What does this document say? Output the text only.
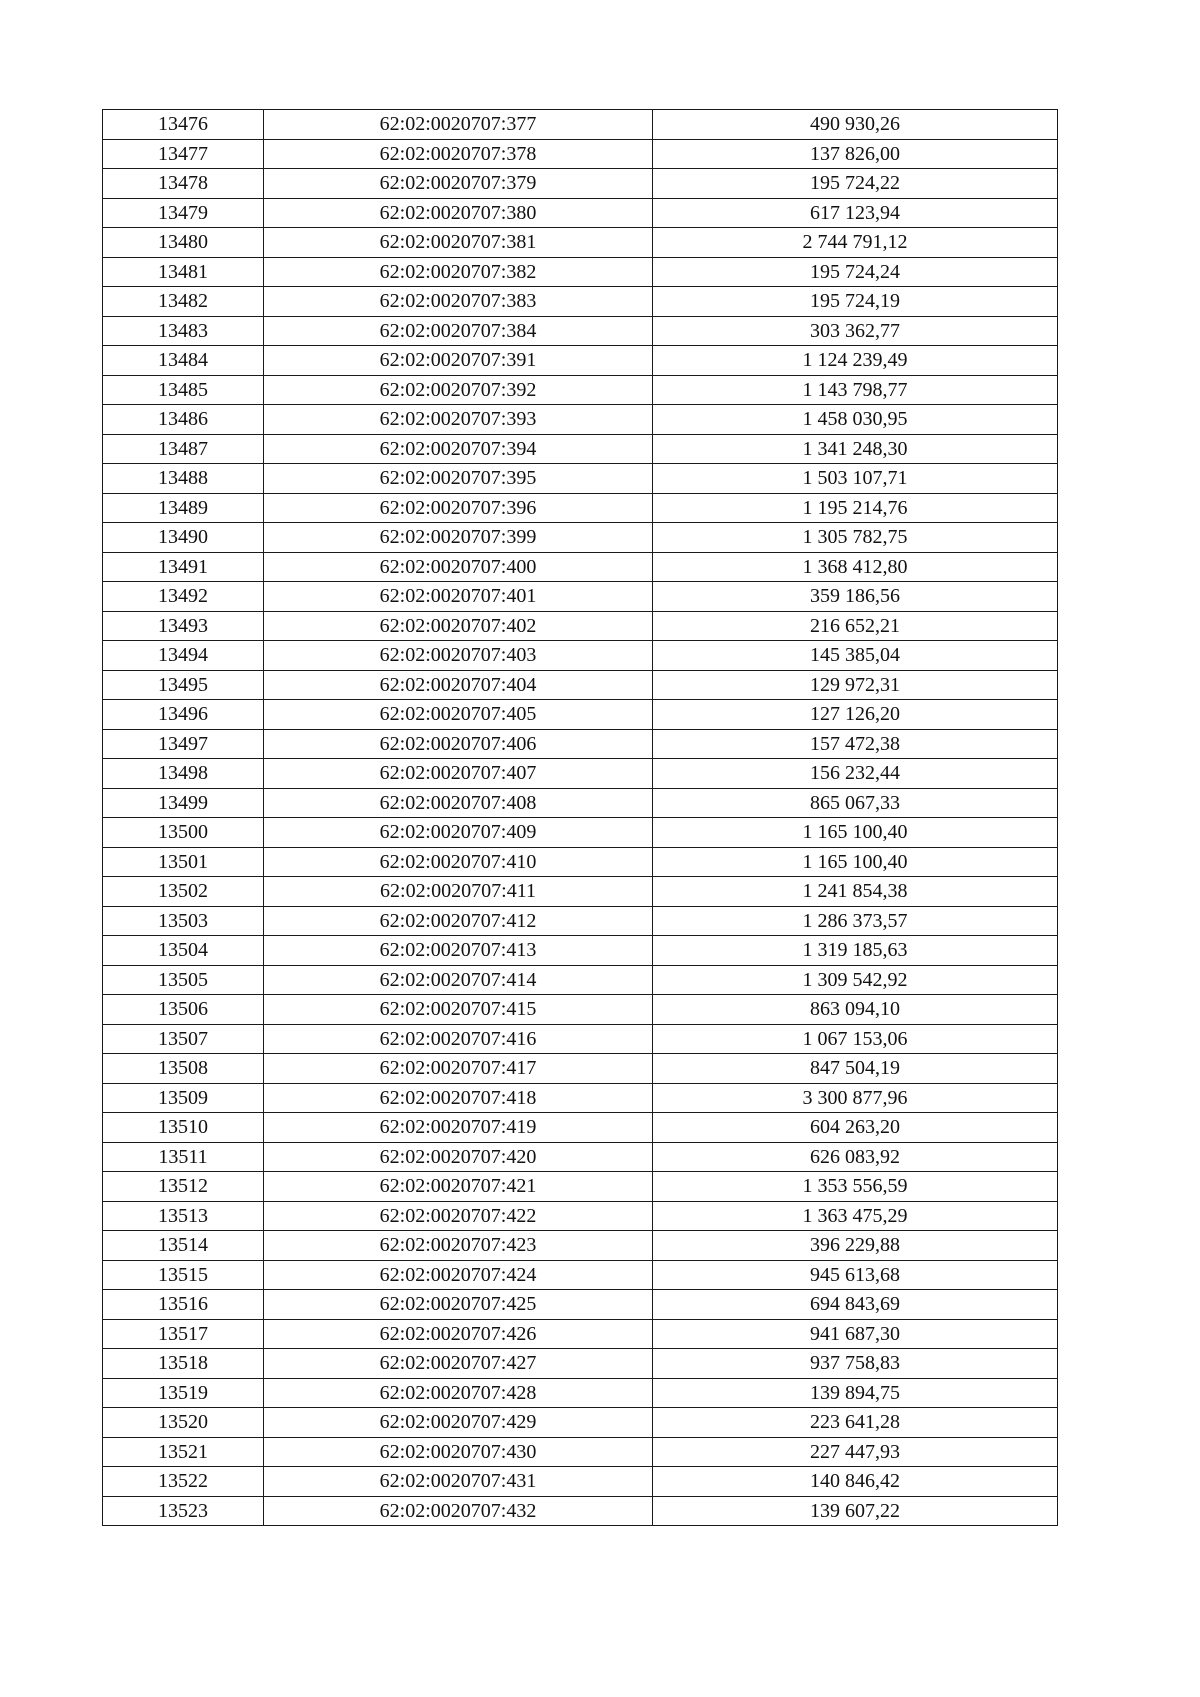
13476	62:02:0020707:377	490 930,26
13477	62:02:0020707:378	137 826,00
13478	62:02:0020707:379	195 724,22
13479	62:02:0020707:380	617 123,94
13480	62:02:0020707:381	2 744 791,12
13481	62:02:0020707:382	195 724,24
13482	62:02:0020707:383	195 724,19
13483	62:02:0020707:384	303 362,77
13484	62:02:0020707:391	1 124 239,49
13485	62:02:0020707:392	1 143 798,77
13486	62:02:0020707:393	1 458 030,95
13487	62:02:0020707:394	1 341 248,30
13488	62:02:0020707:395	1 503 107,71
13489	62:02:0020707:396	1 195 214,76
13490	62:02:0020707:399	1 305 782,75
13491	62:02:0020707:400	1 368 412,80
13492	62:02:0020707:401	359 186,56
13493	62:02:0020707:402	216 652,21
13494	62:02:0020707:403	145 385,04
13495	62:02:0020707:404	129 972,31
13496	62:02:0020707:405	127 126,20
13497	62:02:0020707:406	157 472,38
13498	62:02:0020707:407	156 232,44
13499	62:02:0020707:408	865 067,33
13500	62:02:0020707:409	1 165 100,40
13501	62:02:0020707:410	1 165 100,40
13502	62:02:0020707:411	1 241 854,38
13503	62:02:0020707:412	1 286 373,57
13504	62:02:0020707:413	1 319 185,63
13505	62:02:0020707:414	1 309 542,92
13506	62:02:0020707:415	863 094,10
13507	62:02:0020707:416	1 067 153,06
13508	62:02:0020707:417	847 504,19
13509	62:02:0020707:418	3 300 877,96
13510	62:02:0020707:419	604 263,20
13511	62:02:0020707:420	626 083,92
13512	62:02:0020707:421	1 353 556,59
13513	62:02:0020707:422	1 363 475,29
13514	62:02:0020707:423	396 229,88
13515	62:02:0020707:424	945 613,68
13516	62:02:0020707:425	694 843,69
13517	62:02:0020707:426	941 687,30
13518	62:02:0020707:427	937 758,83
13519	62:02:0020707:428	139 894,75
13520	62:02:0020707:429	223 641,28
13521	62:02:0020707:430	227 447,93
13522	62:02:0020707:431	140 846,42
13523	62:02:0020707:432	139 607,22
